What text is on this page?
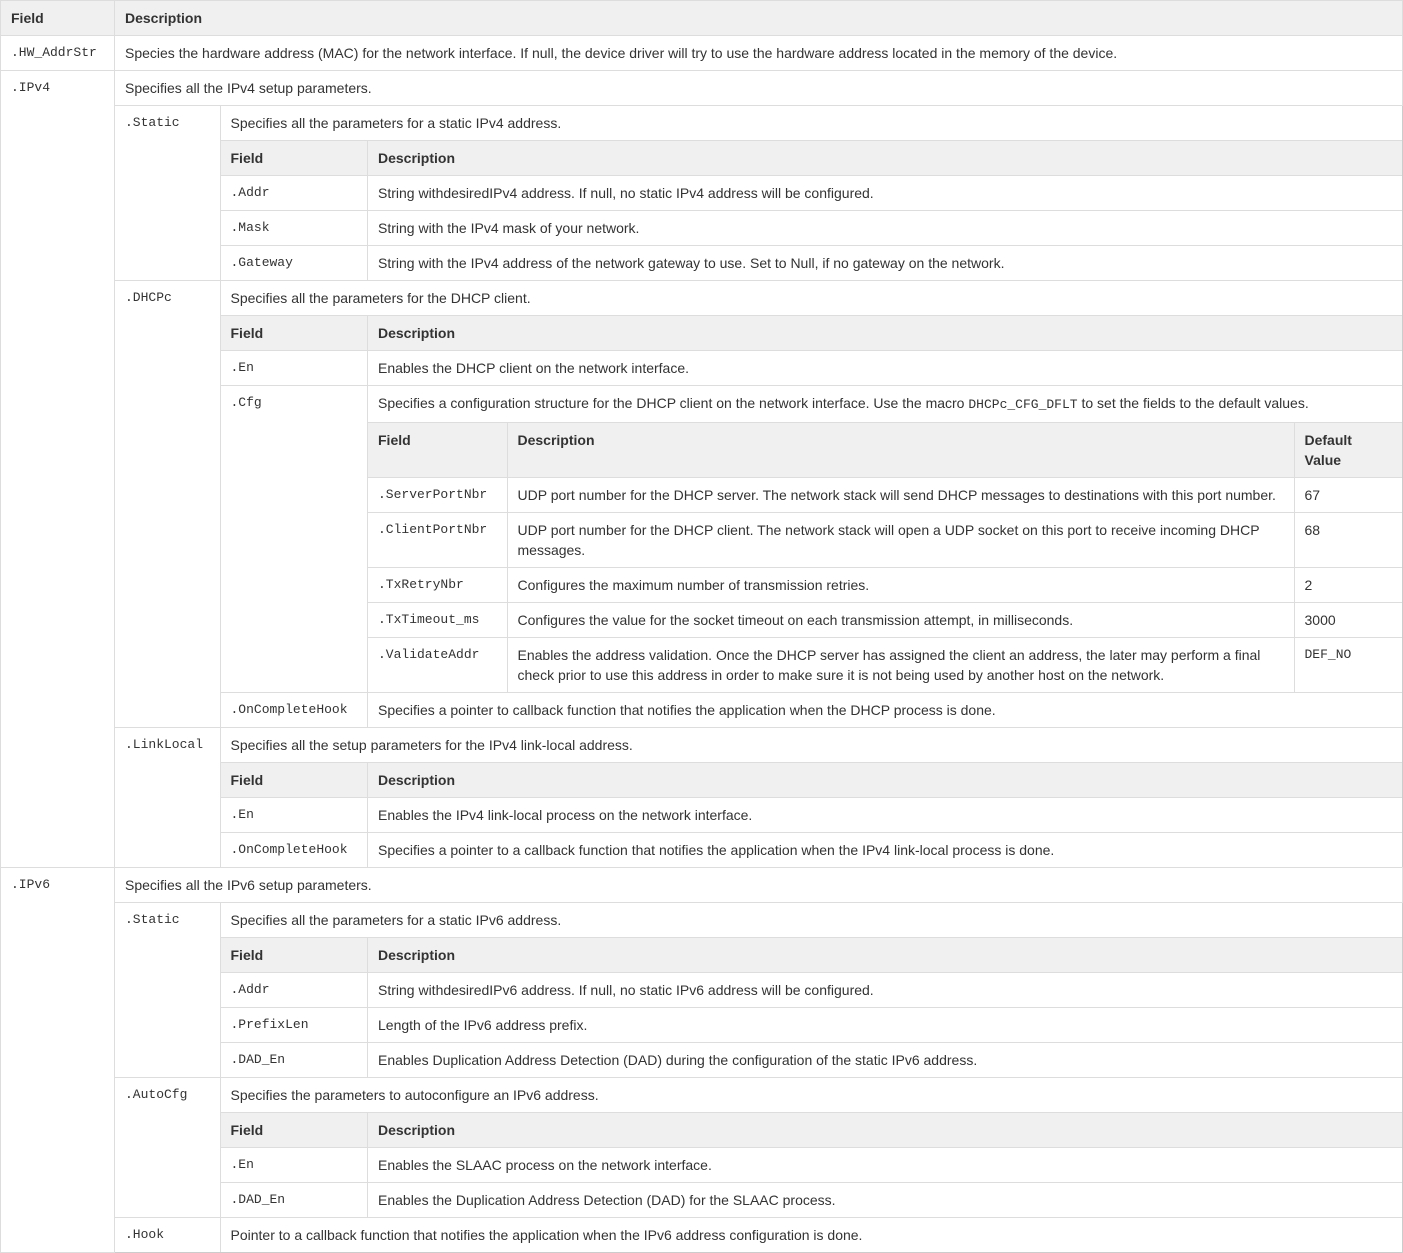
Field	Description
.HW_AddrStr	Species the hardware address (MAC) for the network interface. If null, the device driver will try to use the hardware address located in the memory of the device.
.IPv4	Specifies all the IPv4 setup parameters.

.Static	Specifies all the parameters for a static IPv4 address.

Field	Description
.Addr	String withdesiredIPv4 address. If null, no static IPv4 address will be configured.
.Mask	String with the IPv4 mask of your network.
.Gateway	String with the IPv4 address of the network gateway to use. Set to Null, if no gateway on the network.

.DHCPc	Specifies all the parameters for the DHCP client.

Field	Description
.En	Enables the DHCP client on the network interface.
.Cfg	Specifies a configuration structure for the DHCP client on the network interface. Use the macro DHCPc_CFG_DFLT to set the fields to the default values.

Field	Description	Default Value
.ServerPortNbr	UDP port number for the DHCP server. The network stack will send DHCP messages to destinations with this port number.	67
.ClientPortNbr	UDP port number for the DHCP client. The network stack will open a UDP socket on this port to receive incoming DHCP messages.	68
.TxRetryNbr	Configures the maximum number of transmission retries.	2
.TxTimeout_ms	Configures the value for the socket timeout on each transmission attempt, in milliseconds.	3000
.ValidateAddr	Enables the address validation. Once the DHCP server has assigned the client an address, the later may perform a final check prior to use this address in order to make sure it is not being used by another host on the network.	DEF_NO

.OnCompleteHook	Specifies a pointer to callback function that notifies the application when the DHCP process is done.

.LinkLocal	Specifies all the setup parameters for the IPv4 link-local address.

Field	Description
.En	Enables the IPv4 link-local process on the network interface.
.OnCompleteHook	Specifies a pointer to a callback function that notifies the application when the IPv4 link-local process is done.

.IPv6	Specifies all the IPv6 setup parameters.

.Static	Specifies all the parameters for a static IPv6 address.

Field	Description
.Addr	String withdesiredIPv6 address. If null, no static IPv6 address will be configured.
.PrefixLen	Length of the IPv6 address prefix.
.DAD_En	Enables Duplication Address Detection (DAD) during the configuration of the static IPv6 address.

.AutoCfg	Specifies the parameters to autoconfigure an IPv6 address.

Field	Description
.En	Enables the SLAAC process on the network interface.
.DAD_En	Enables the Duplication Address Detection (DAD) for the SLAAC process.

.Hook	Pointer to a callback function that notifies the application when the IPv6 address configuration is done.
